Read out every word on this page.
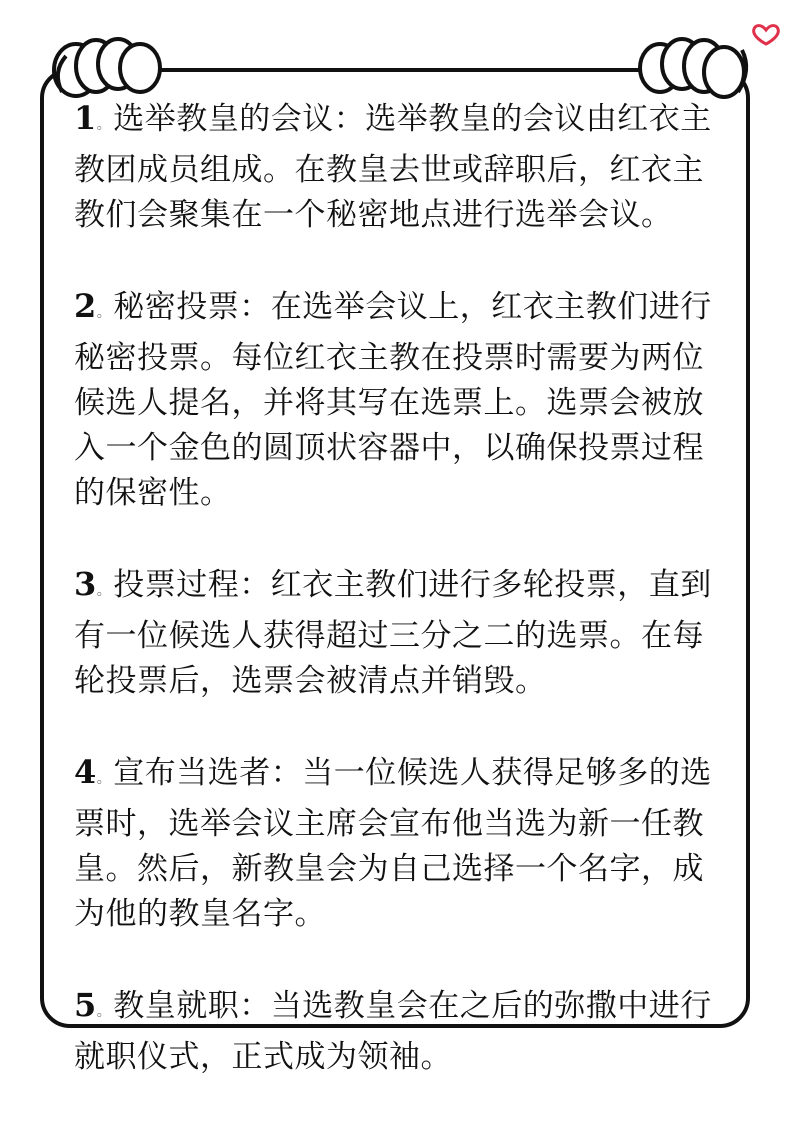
1。选举教皇的会议：选举教皇的会议由红衣主教团成员组成。在教皇去世或辞职后，红衣主教们会聚集在一个秘密地点进行选举会议。

2。秘密投票：在选举会议上，红衣主教们进行秘密投票。每位红衣主教在投票时需要为两位候选人提名，并将其写在选票上。选票会被放入一个金色的圆顶状容器中，以确保投票过程的保密性。

3。投票过程：红衣主教们进行多轮投票，直到有一位候选人获得超过三分之二的选票。在每轮投票后，选票会被清点并销毁。

4。宣布当选者：当一位候选人获得足够多的选票时，选举会议主席会宣布他当选为新一任教皇。然后，新教皇会为自己选择一个名字，成为他的教皇名字。

5。教皇就职：当选教皇会在之后的弥撒中进行就职仪式，正式成为领袖。
